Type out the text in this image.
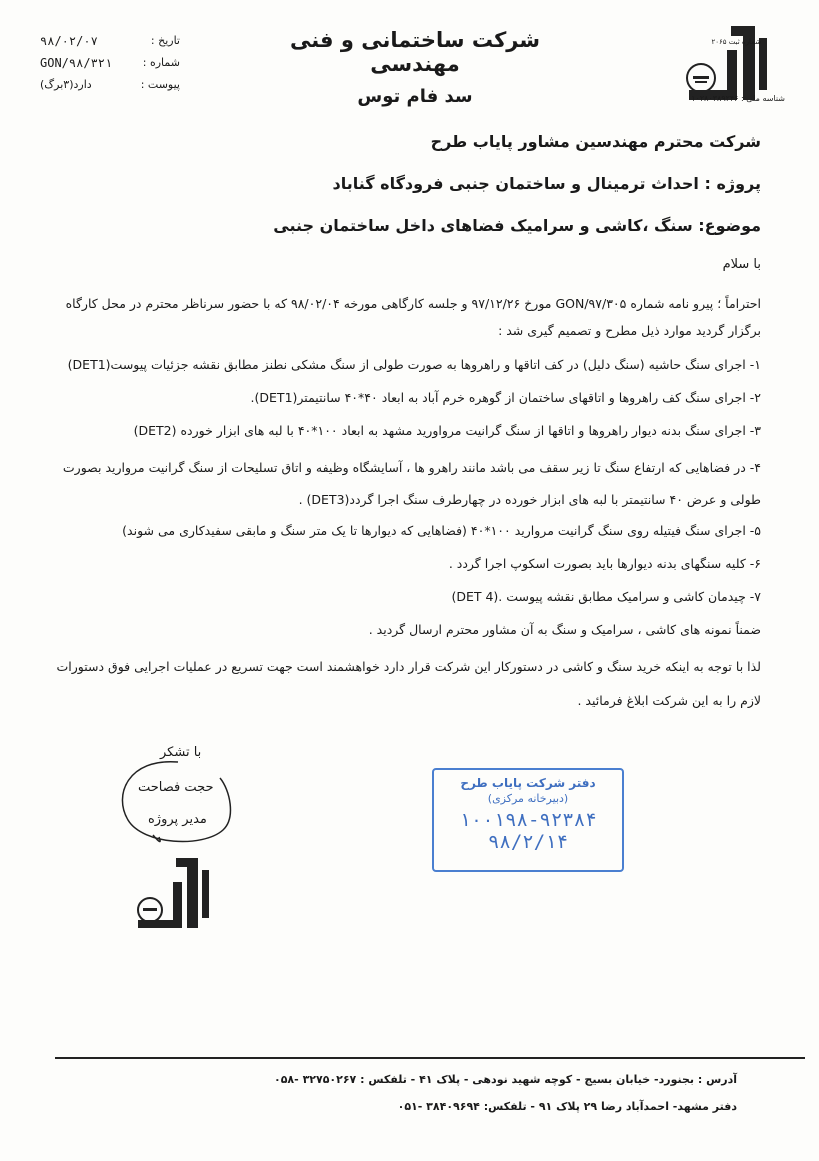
۹۸/۰۲/۰۷	تاریخ :
GON/۹۸/۳۲۱	شماره :
دارد(۳برگ)	پیوست :
شرکت ساختمانی و فنی مهندسی
سد فام توس
شماره ثبت ۲۰۶۵
شناسه ملی : ۱۰۲۸۰۳۸۹۲۴۶
شرکت محترم مهندسین مشاور پایاب طرح
پروژه : احداث ترمینال و ساختمان جنبی فرودگاه گناباد
موضوع: سنگ ،کاشی و سرامیک فضاهای داخل ساختمان جنبی
با سلام
احتراماً ؛ پیرو نامه شماره GON/۹۷/۳۰۵ مورخ ۹۷/۱۲/۲۶ و جلسه کارگاهی مورخه ۹۸/۰۲/۰۴ که با حضور سرناظر محترم در محل کارگاه برگزار گردید موارد ذیل مطرح و تصمیم گیری شد :
۱- اجرای سنگ حاشیه (سنگ دلیل) در کف اتاقها و راهروها به صورت طولی از سنگ مشکی نطنز مطابق نقشه جزئیات پیوست(DET1)
۲- اجرای سنگ کف راهروها و اتاقهای ساختمان از گوهره خرم آباد به ابعاد ۴۰*۴۰ سانتیمتر(DET1).
۳- اجرای سنگ بدنه دیوار راهروها و اتاقها از سنگ گرانیت مرواورید مشهد به ابعاد ۱۰۰*۴۰ با لبه های ابزار خورده (DET2)
۴- در فضاهایی که ارتفاع سنگ تا زیر سقف می باشد مانند راهرو ها ، آسایشگاه وظیفه و اتاق تسلیحات از سنگ گرانیت مروارید بصورت طولی و عرض ۴۰ سانتیمتر با لبه های ابزار خورده در چهارطرف سنگ اجرا گردد(DET3) .
۵- اجرای سنگ فیتیله روی سنگ گرانیت مروارید ۱۰۰*۴۰ (فضاهایی که دیوارها تا یک متر سنگ و مابقی سفیدکاری می شوند)
۶- کلیه سنگهای بدنه دیوارها باید بصورت اسکوپ اجرا گردد .
۷- چیدمان کاشی و سرامیک مطابق نقشه پیوست .(DET 4)
ضمناً نمونه های کاشی ، سرامیک و سنگ به آن مشاور محترم ارسال گردید .
لذا با توجه به اینکه خرید سنگ و کاشی در دستورکار این شرکت قرار دارد خواهشمند است جهت تسریع در عملیات اجرایی فوق دستورات لازم را به این شرکت ابلاغ فرمائید .
با تشکر
حجت فصاحت
مدیر پروژه
دفتر شرکت پایاب طرح
(دبیرخانه مرکزی)
۱۰۰۱۹۸-۹۲۳۸۴
۹۸/۲/۱۴
آدرس : بجنورد- خیابان بسیج - کوچه شهید نودهی - پلاک ۴۱ - تلفکس : ۳۲۷۵۰۲۶۷ -۰۵۸
دفتر مشهد- احمدآباد رضا ۲۹ پلاک ۹۱ - تلفکس: ۳۸۴۰۹۶۹۴ -۰۵۱
